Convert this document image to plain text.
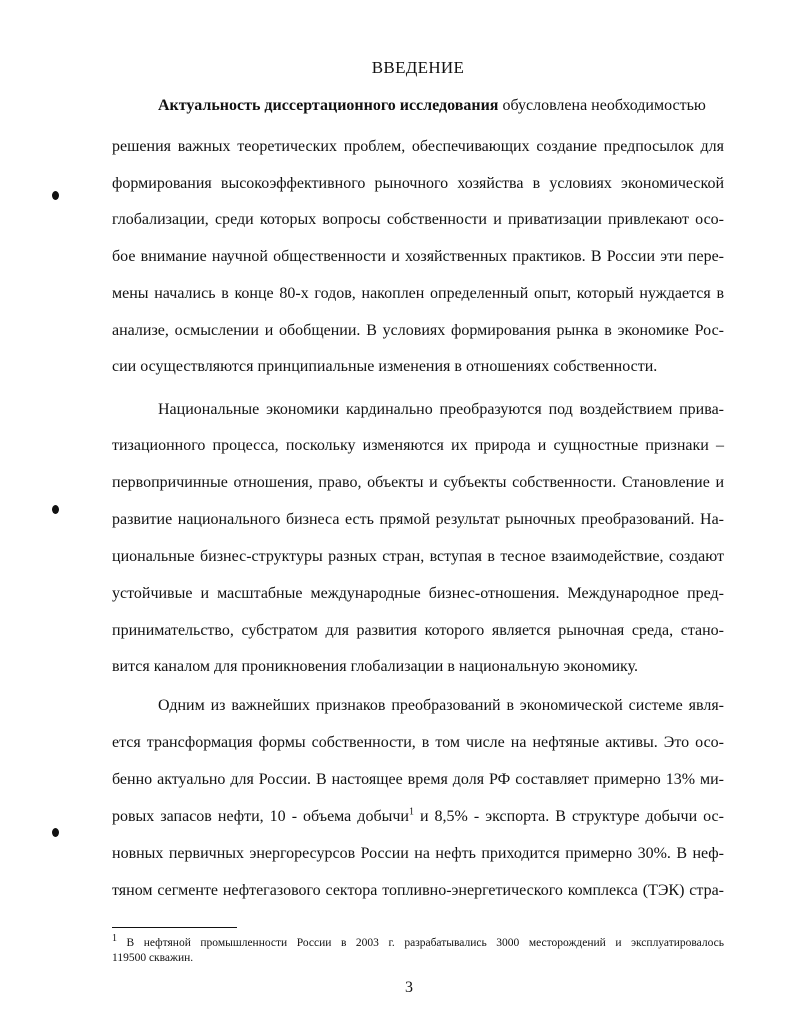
ВВЕДЕНИЕ
Актуальность диссертационного исследования обусловлена необходимостью
решения важных теоретических проблем, обеспечивающих создание предпосылок для
формирования высокоэффективного рыночного хозяйства в условиях экономической
глобализации, среди которых вопросы собственности и приватизации привлекают осо-
бое внимание научной общественности и хозяйственных практиков. В России эти пере-
мены начались в конце 80-х годов, накоплен определенный опыт, который нуждается в
анализе, осмыслении и обобщении. В условиях формирования рынка в экономике Рос-
сии осуществляются принципиальные изменения в отношениях собственности.
Национальные экономики кардинально преобразуются под воздействием прива-
тизационного процесса, поскольку изменяются их природа и сущностные признаки –
первопричинные отношения, право, объекты и субъекты собственности. Становление и
развитие национального бизнеса есть прямой результат рыночных преобразований. На-
циональные бизнес-структуры разных стран, вступая в тесное взаимодействие, создают
устойчивые и масштабные международные бизнес-отношения. Международное пред-
принимательство, субстратом для развития которого является рыночная среда, стано-
вится каналом для проникновения глобализации в национальную экономику.
Одним из важнейших признаков преобразований в экономической системе явля-
ется трансформация формы собственности, в том числе на нефтяные активы. Это осо-
бенно актуально для России. В настоящее время доля РФ составляет примерно 13% ми-
ровых запасов нефти, 10 - объема добычи$^1$ и 8,5% - экспорта. В структуре добычи ос-
новных первичных энергоресурсов России на нефть приходится примерно 30%. В неф-
тяном сегменте нефтегазового сектора топливно-энергетического комплекса (ТЭК) стра-
$^1$ В нефтяной промышленности России в 2003 г. разрабатывались 3000 месторождений и эксплуатировалось
119500 скважин.
3
